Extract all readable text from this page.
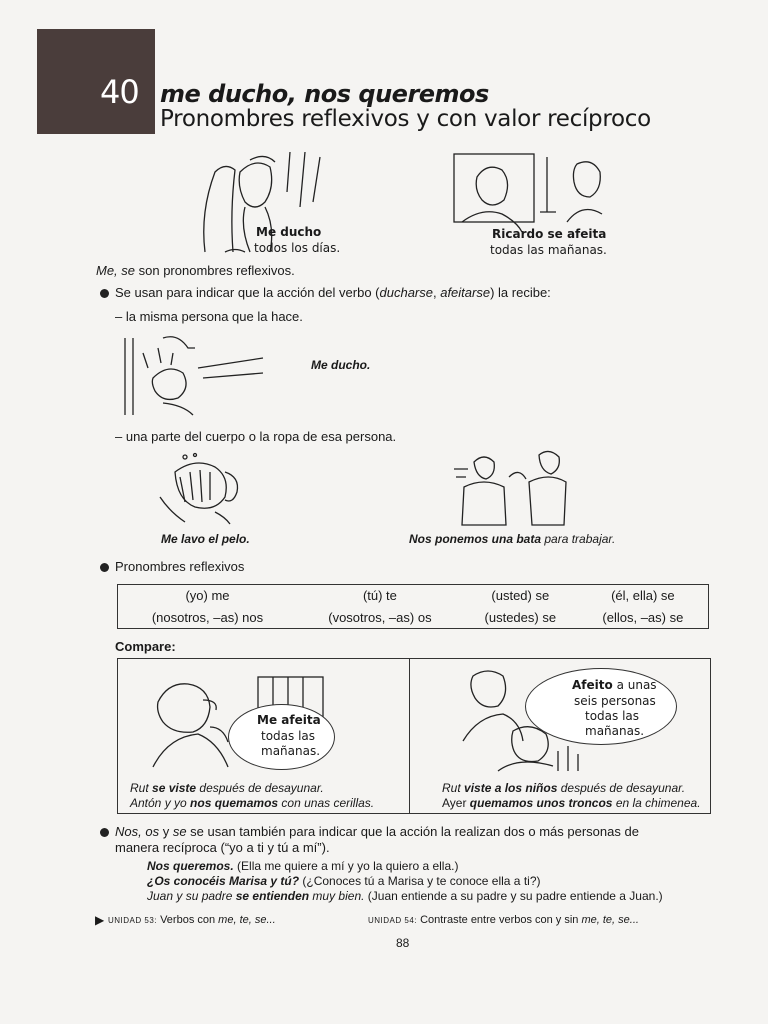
40 me ducho, nos queremos
Pronombres reflexivos y con valor recíproco
Me ducho
todos los días.
Ricardo se afeita
todas las mañanas.
Me, se son pronombres reflexivos.
Se usan para indicar que la acción del verbo (ducharse, afeitarse) la recibe:
– la misma persona que la hace.
Me ducho.
– una parte del cuerpo o la ropa de esa persona.
Me lavo el pelo.	Nos ponemos una bata para trabajar.
Pronombres reflexivos
(yo) me	(tú) te	(usted) se	(él, ella) se
(nosotros, –as) nos	(vosotros, –as) os	(ustedes) se	(ellos, –as) se
Compare:
Me afeita
todas las
mañanas.
Rut se viste después de desayunar.
Antón y yo nos quemamos con unas cerillas.
Afeito a unas
seis personas
todas las
mañanas.
Rut viste a los niños después de desayunar.
Ayer quemamos unos troncos en la chimenea.
Nos, os y se se usan también para indicar que la acción la realizan dos o más personas de
manera recíproca (“yo a ti y tú a mí”).
Nos queremos. (Ella me quiere a mí y yo la quiero a ella.)
¿Os conocéis Marisa y tú? (¿Conoces tú a Marisa y te conoce ella a ti?)
Juan y su padre se entienden muy bien. (Juan entiende a su padre y su padre entiende a Juan.)
▶ UNIDAD 53: Verbos con me, te, se...	UNIDAD 54: Contraste entre verbos con y sin me, te, se...
88
